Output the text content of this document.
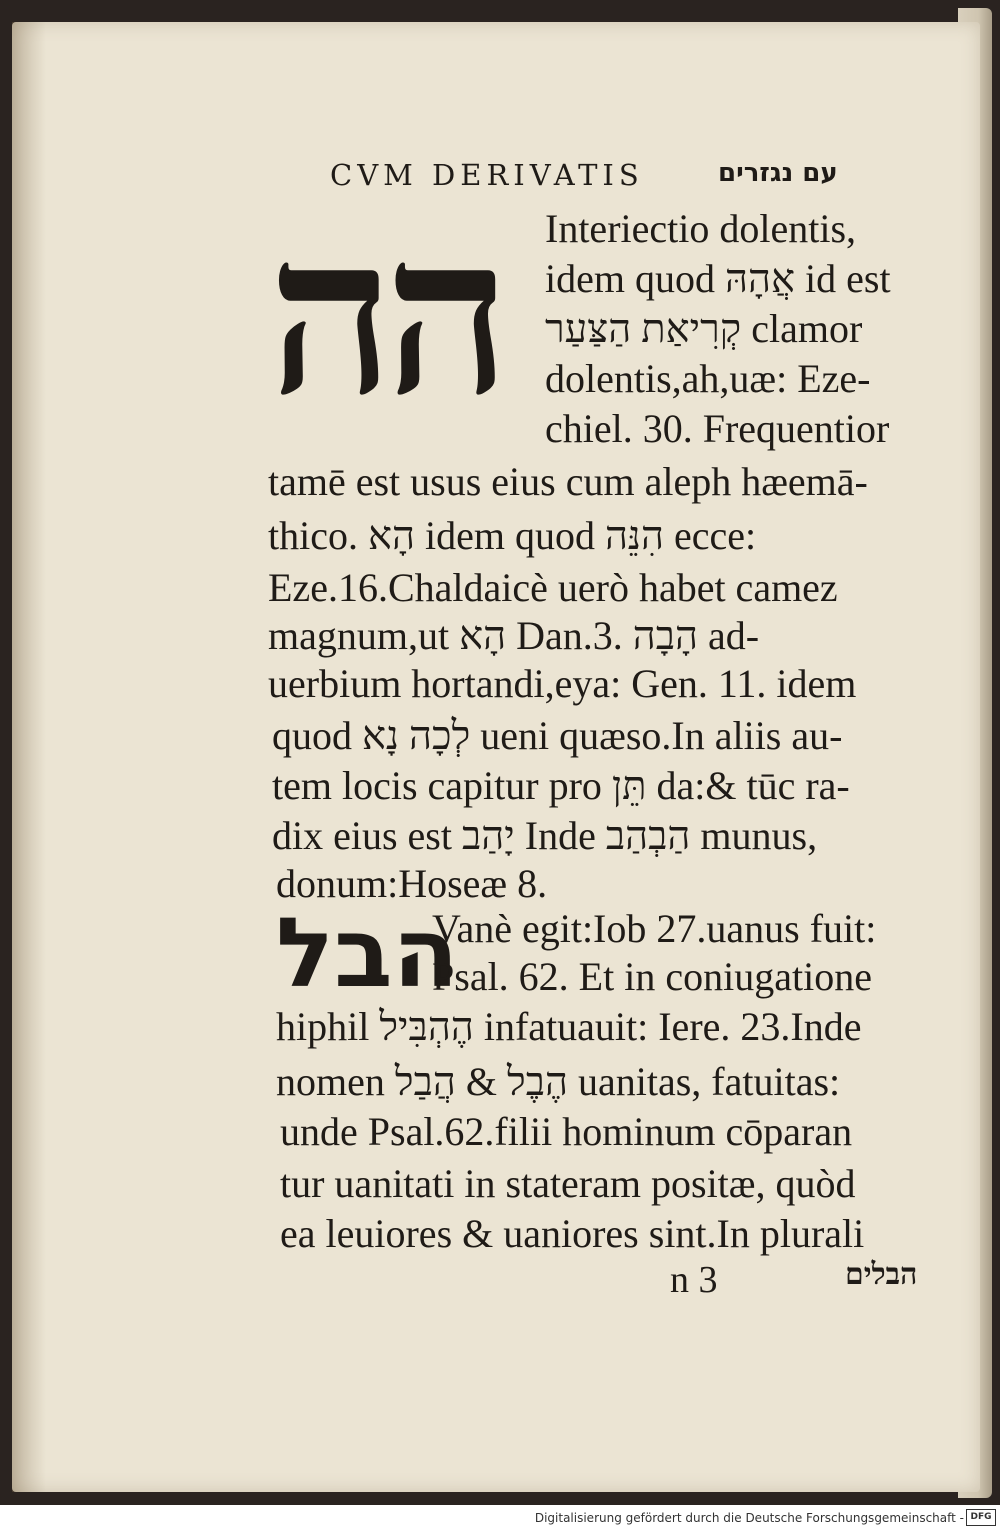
CVM DERIVATIS	עם נגזרים
הה Interiectio dolentis,
idem quod אֲהָהּ id est
קְרִיאַת הַצַּעַר clamor
dolentis,ah,uæ: Eze-
chiel. 30. Frequentior
tamē est usus eius cum aleph hæemā-
thico. הָא idem quod הִנֵּה ecce:
Eze.16.Chaldaicè uerò habet camez
magnum,ut הָא Dan.3. הָבָה ad-
uerbium hortandi,eya: Gen. 11. idem
quod לְכָה נָא ueni quæso.In aliis au-
tem locis capitur pro תֵּן da:& tūc ra-
dix eius est יָהַב Inde הַבְהַב munus,
donum:Hoseæ 8.
הבל
Vanè egit:Iob 27.uanus fuit:
Psal. 62. Et in coniugatione
hiphil הֶהְבִּיל infatuauit: Iere. 23.Inde
nomen הֶבֶל & הֲבַל uanitas, fatuitas:
unde Psal.62.filii hominum cōparan
tur uanitati in stateram positæ, quòd
ea leuiores & uaniores sint.In plurali
n 3	הבלים
Digitalisierung gefördert durch die Deutsche Forschungsgemeinschaft - DFG
